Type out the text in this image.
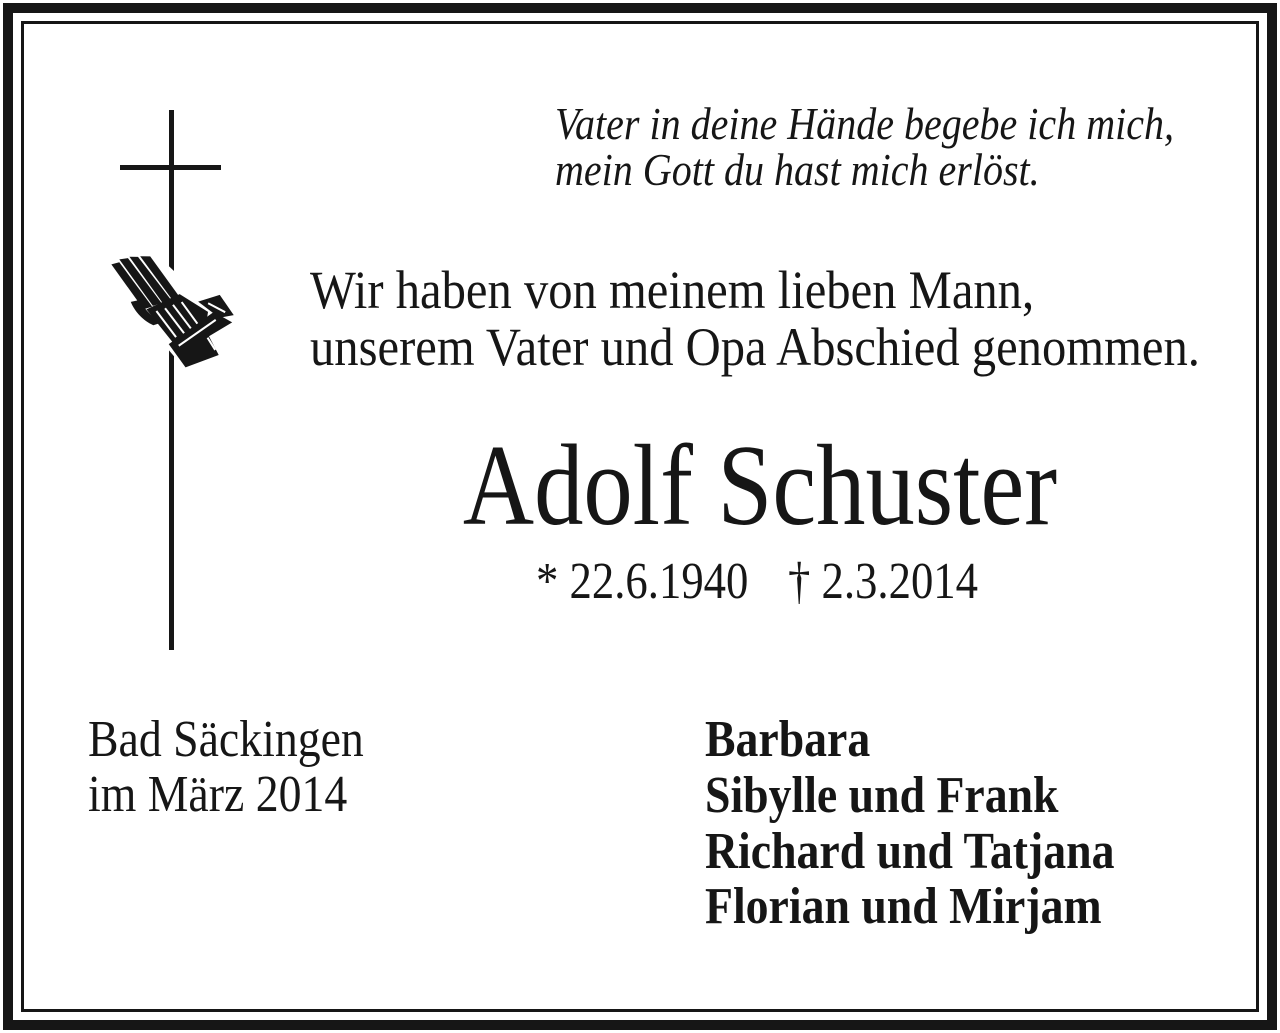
Vater in deine Hände begebe ich mich,
mein Gott du hast mich erlöst.
Wir haben von meinem lieben Mann,
unserem Vater und Opa Abschied genommen.
Adolf Schuster
* 22.6.1940 † 2.3.2014
Bad Säckingen
im März 2014
Barbara
Sibylle und Frank
Richard und Tatjana
Florian und Mirjam
